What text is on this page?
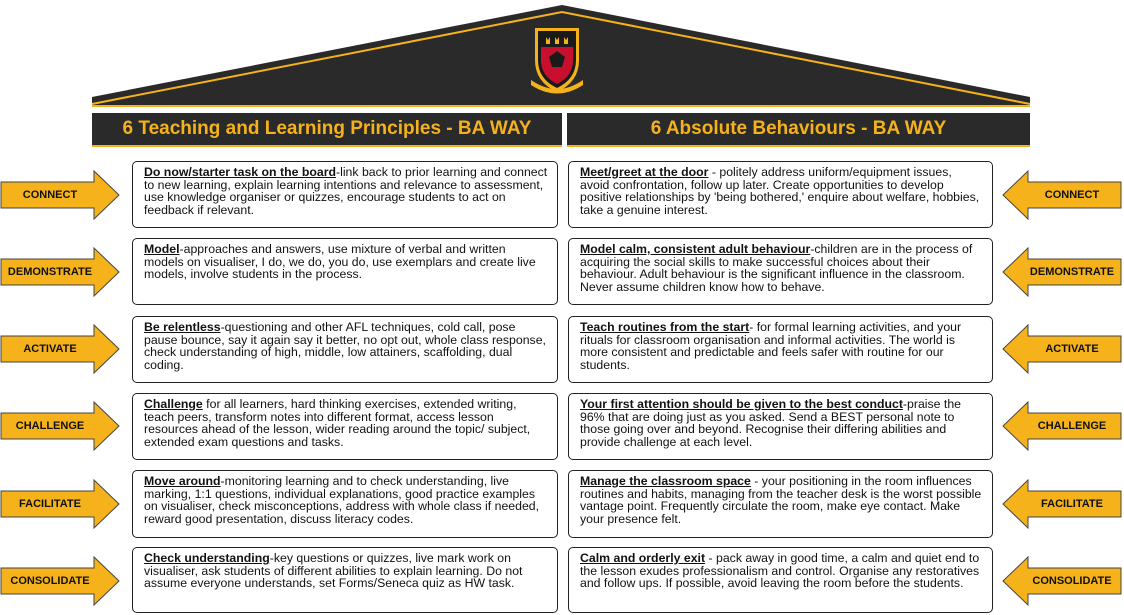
6 Teaching and Learning Principles - BA WAY	6 Absolute Behaviours - BA WAY
CONNECT
Do now/starter task on the board-link back to prior learning and connect to new learning, explain learning intentions and relevance to assessment, use knowledge organiser or quizzes, encourage students to act on feedback if relevant.
Meet/greet at the door - politely address uniform/equipment issues, avoid confrontation, follow up later. Create opportunities to develop positive relationships by 'being bothered,' enquire about welfare, hobbies, take a genuine interest.
CONNECT
DEMONSTRATE
Model-approaches and answers, use mixture of verbal and written models on visualiser, I do, we do, you do, use exemplars and create live models, involve students in the process.
Model calm, consistent adult behaviour-children are in the process of acquiring the social skills to make successful choices about their behaviour. Adult behaviour is the significant influence in the classroom. Never assume children know how to behave.
DEMONSTRATE
ACTIVATE
Be relentless-questioning and other AFL techniques, cold call, pose pause bounce, say it again say it better, no opt out, whole class response, check understanding of high, middle, low attainers, scaffolding, dual coding.
Teach routines from the start- for formal learning activities, and your rituals for classroom organisation and informal activities. The world is more consistent and predictable and feels safer with routine for our students.
ACTIVATE
CHALLENGE
Challenge for all learners, hard thinking exercises, extended writing, teach peers, transform notes into different format, access lesson resources ahead of the lesson, wider reading around the topic/ subject, extended exam questions and tasks.
Your first attention should be given to the best conduct-praise the 96% that are doing just as you asked. Send a BEST personal note to those going over and beyond. Recognise their differing abilities and provide challenge at each level.
CHALLENGE
FACILITATE
Move around-monitoring learning and to check understanding, live marking, 1:1 questions, individual explanations, good practice examples on visualiser, check misconceptions, address with whole class if needed, reward good presentation, discuss literacy codes.
Manage the classroom space - your positioning in the room influences routines and habits, managing from the teacher desk is the worst possible vantage point. Frequently circulate the room, make eye contact. Make your presence felt.
FACILITATE
CONSOLIDATE
Check understanding-key questions or quizzes, live mark work on visualiser, ask students of different abilities to explain learning. Do not assume everyone understands, set Forms/Seneca quiz as HW task.
Calm and orderly exit - pack away in good time, a calm and quiet end to the lesson exudes professionalism and control. Organise any restoratives and follow ups. If possible, avoid leaving the room before the students.	CONSOLIDATE
